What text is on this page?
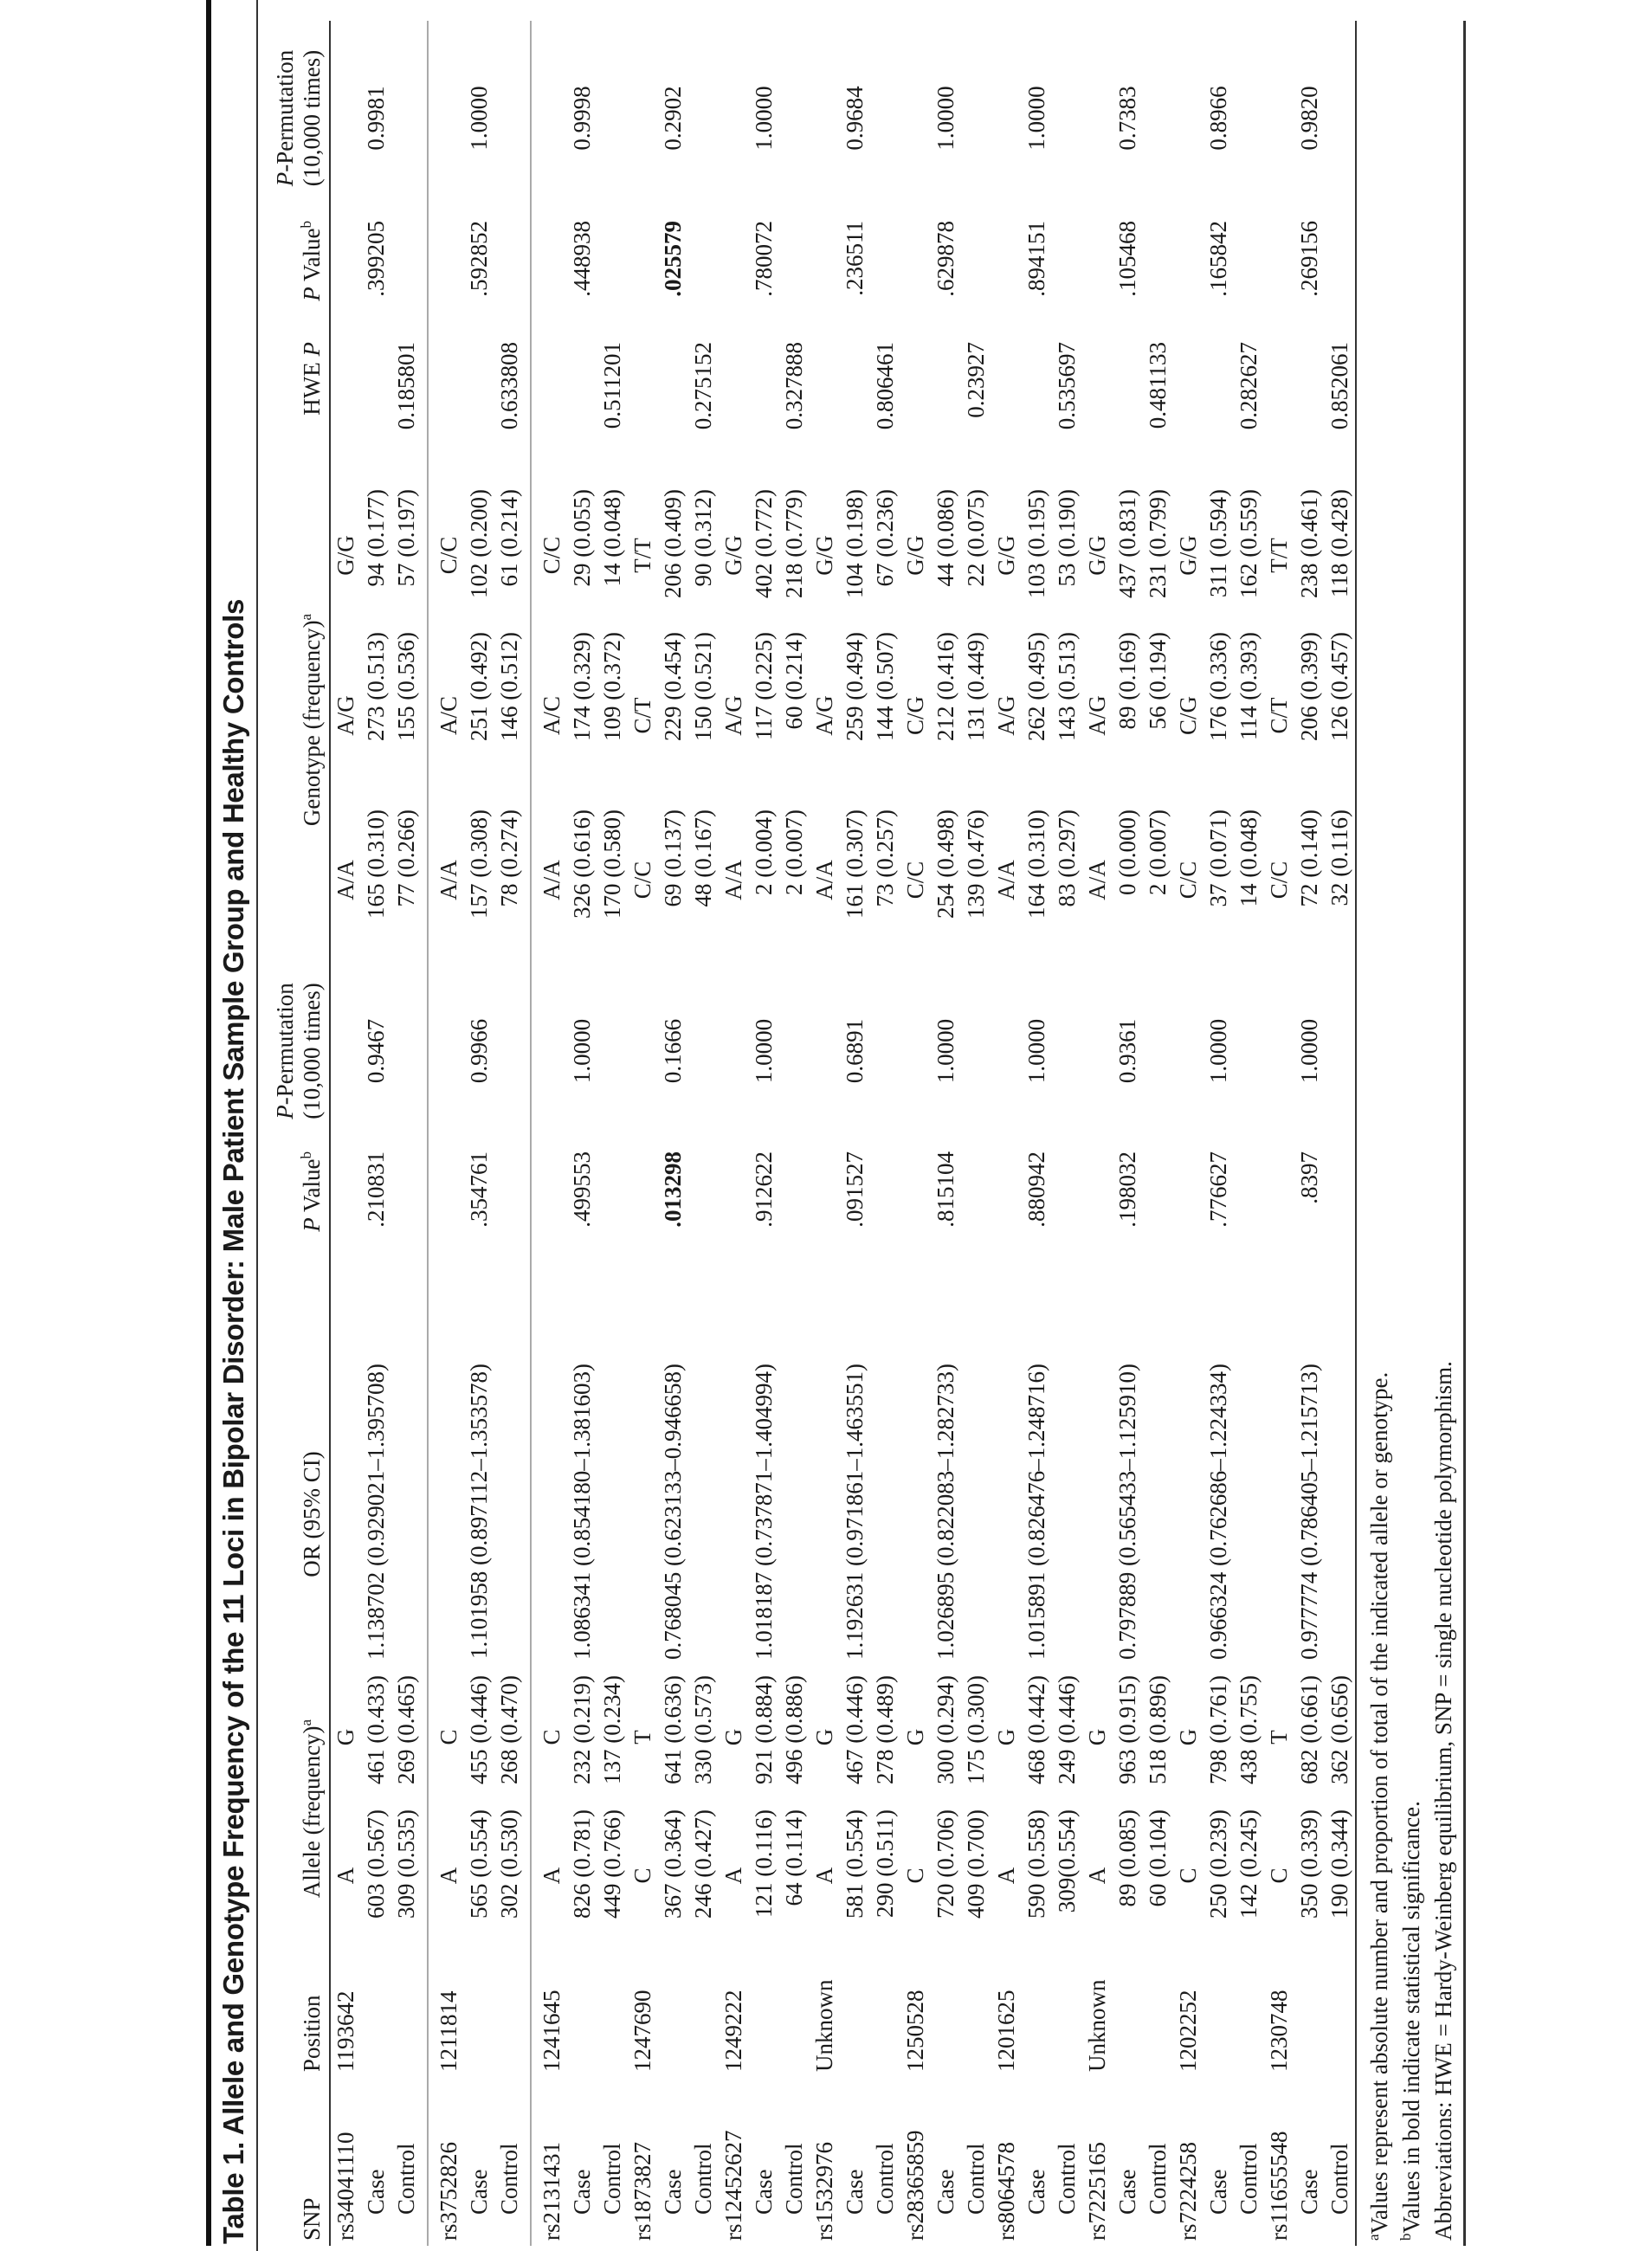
Table 1. Allele and Genotype Frequency of the 11 Loci in Bipolar Disorder: Male Patient Sample Group and Healthy Controls	SNP	Position	Allele (frequency)$^a$		OR (95% CI)	P Value$^b$	P-Permutation
(10,000 times)	Genotype (frequency)$^a$			HWE P	P Value$^b$	P-Permutation
(10,000 times)
rs34041110	1193642	A	G				A/A	A/G	G/G			
Case		603 (0.567)	461 (0.433)	1.138702 (0.929021–1.395708)	.210831	0.9467	165 (0.310)	273 (0.513)	94 (0.177)		.399205	0.9981
Control		309 (0.535)	269 (0.465)				77 (0.266)	155 (0.536)	57 (0.197)	0.185801		
rs3752826	1211814	A	C				A/A	A/C	C/C			
Case		565 (0.554)	455 (0.446)	1.101958 (0.897112–1.353578)	.354761	0.9966	157 (0.308)	251 (0.492)	102 (0.200)		.592852	1.0000
Control		302 (0.530)	268 (0.470)				78 (0.274)	146 (0.512)	61 (0.214)	0.633808		
rs2131431	1241645	A	C				A/A	A/C	C/C			
Case		826 (0.781)	232 (0.219)	1.086341 (0.854180–1.381603)	.499553	1.0000	326 (0.616)	174 (0.329)	29 (0.055)		.448938	0.9998
Control		449 (0.766)	137 (0.234)				170 (0.580)	109 (0.372)	14 (0.048)	0.511201		
rs1873827	1247690	C	T				C/C	C/T	T/T			
Case		367 (0.364)	641 (0.636)	0.768045 (0.623133–0.946658)	.013298	0.1666	69 (0.137)	229 (0.454)	206 (0.409)		.025579	0.2902
Control		246 (0.427)	330 (0.573)				48 (0.167)	150 (0.521)	90 (0.312)	0.275152		
rs12452627	1249222	A	G				A/A	A/G	G/G			
Case		121 (0.116)	921 (0.884)	1.018187 (0.737871–1.404994)	.912622	1.0000	2 (0.004)	117 (0.225)	402 (0.772)		.780072	1.0000
Control		64 (0.114)	496 (0.886)				2 (0.007)	60 (0.214)	218 (0.779)	0.327888		
rs1532976	Unknown	A	G				A/A	A/G	G/G			
Case		581 (0.554)	467 (0.446)	1.192631 (0.971861–1.463551)	.091527	0.6891	161 (0.307)	259 (0.494)	104 (0.198)		.236511	0.9684
Control		290 (0.511)	278 (0.489)				73 (0.257)	144 (0.507)	67 (0.236)	0.806461		
rs28365859	1250528	C	G				C/C	C/G	G/G			
Case		720 (0.706)	300 (0.294)	1.026895 (0.822083–1.282733)	.815104	1.0000	254 (0.498)	212 (0.416)	44 (0.086)		.629878	1.0000
Control		409 (0.700)	175 (0.300)				139 (0.476)	131 (0.449)	22 (0.075)	0.23927		
rs8064578	1201625	A	G				A/A	A/G	G/G			
Case		590 (0.558)	468 (0.442)	1.015891 (0.826476–1.248716)	.880942	1.0000	164 (0.310)	262 (0.495)	103 (0.195)		.894151	1.0000
Control		309(0.554)	249 (0.446)				83 (0.297)	143 (0.513)	53 (0.190)	0.535697		
rs7225165	Unknown	A	G				A/A	A/G	G/G			
Case		89 (0.085)	963 (0.915)	0.797889 (0.565433–1.125910)	.198032	0.9361	0 (0.000)	89 (0.169)	437 (0.831)		.105468	0.7383
Control		60 (0.104)	518 (0.896)				2 (0.007)	56 (0.194)	231 (0.799)	0.481133		
rs7224258	1202252	C	G				C/C	C/G	G/G			
Case		250 (0.239)	798 (0.761)	0.966324 (0.762686–1.224334)	.776627	1.0000	37 (0.071)	176 (0.336)	311 (0.594)		.165842	0.8966
Control		142 (0.245)	438 (0.755)				14 (0.048)	114 (0.393)	162 (0.559)	0.282627		
rs11655548	1230748	C	T				C/C	C/T	T/T			
Case		350 (0.339)	682 (0.661)	0.977774 (0.786405–1.215713)	.8397	1.0000	72 (0.140)	206 (0.399)	238 (0.461)		.269156	0.9820
Control		190 (0.344)	362 (0.656)				32 (0.116)	126 (0.457)	118 (0.428)	0.852061		
$^a$Values represent absolute number and proportion of total of the indicated allele or genotype.
$^b$Values in bold indicate statistical significance. Abbreviations: HWE = Hardy-Weinberg equilibrium, SNP = single nucleotide polymorphism.
